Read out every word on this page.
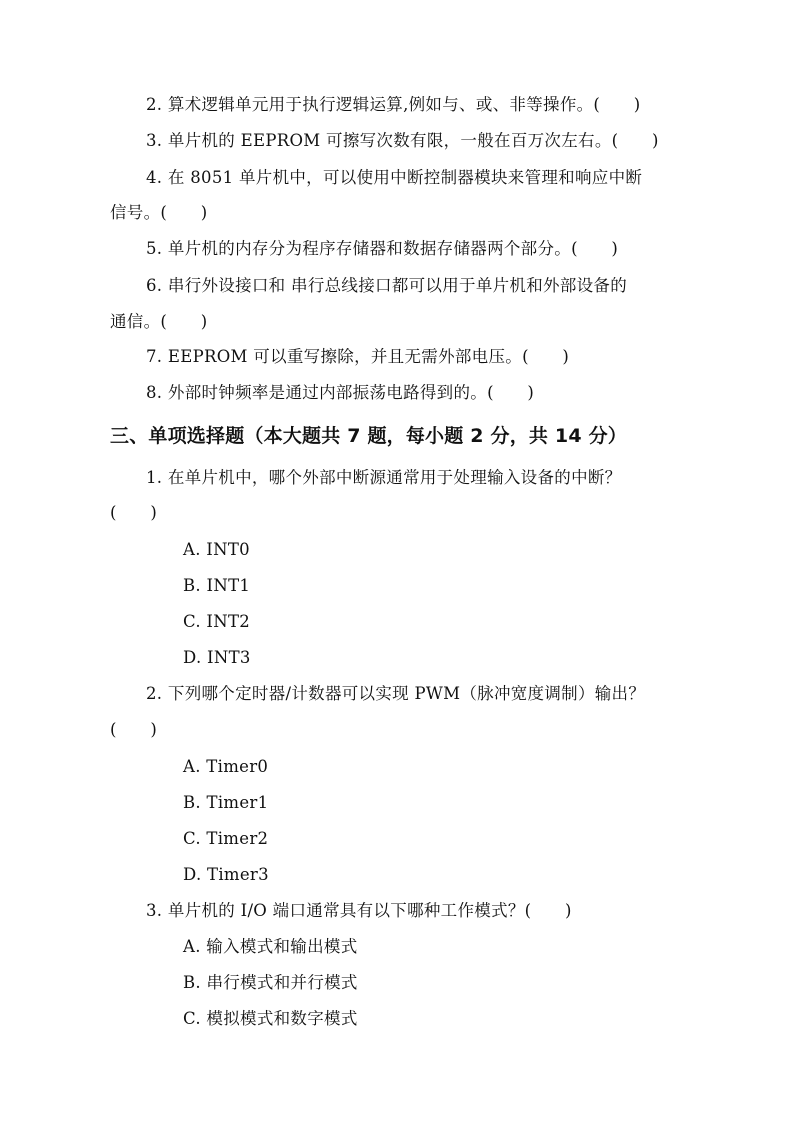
2. 算术逻辑单元用于执行逻辑运算,例如与、或、非等操作。(　　)
3. 单片机的 EEPROM 可擦写次数有限，一般在百万次左右。(　　)
4. 在 8051 单片机中，可以使用中断控制器模块来管理和响应中断
信号。(　　)
5. 单片机的内存分为程序存储器和数据存储器两个部分。(　　)
6. 串行外设接口和 串行总线接口都可以用于单片机和外部设备的
通信。(　　)
7. EEPROM 可以重写擦除，并且无需外部电压。(　　)
8. 外部时钟频率是通过内部振荡电路得到的。(　　)
三、单项选择题（本大题共 7 题，每小题 2 分，共 14 分）
1. 在单片机中，哪个外部中断源通常用于处理输入设备的中断？
(　　)
A. INT0
B. INT1
C. INT2
D. INT3
2. 下列哪个定时器/计数器可以实现 PWM（脉冲宽度调制）输出？
(　　)
A. Timer0
B. Timer1
C. Timer2
D. Timer3
3. 单片机的 I/O 端口通常具有以下哪种工作模式？(　　)
A. 输入模式和输出模式
B. 串行模式和并行模式
C. 模拟模式和数字模式
